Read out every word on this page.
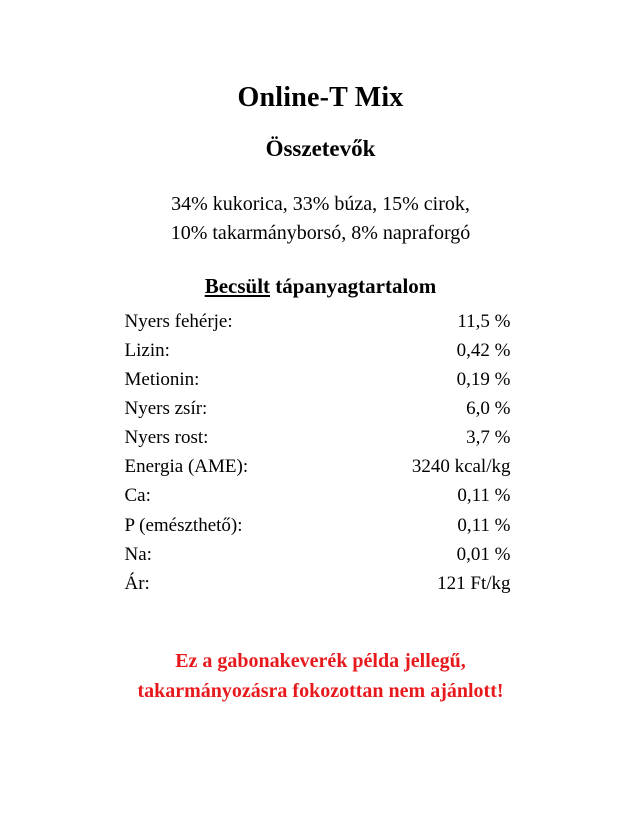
Online-T Mix
Összetevők
34% kukorica, 33% búza, 15% cirok,
10% takarmányborsó, 8% napraforgó
Becsült tápanyagtartalom
Nyers fehérje:	11,5 %
Lizin:	0,42 %
Metionin:	0,19 %
Nyers zsír:	6,0 %
Nyers rost:	3,7 %
Energia (AME):	3240 kcal/kg
Ca:	0,11 %
P (emészthető):	0,11 %
Na:	0,01 %
Ár:	121 Ft/kg
Ez a gabonakeverék példa jellegű,
takarmányozásra fokozottan nem ajánlott!
